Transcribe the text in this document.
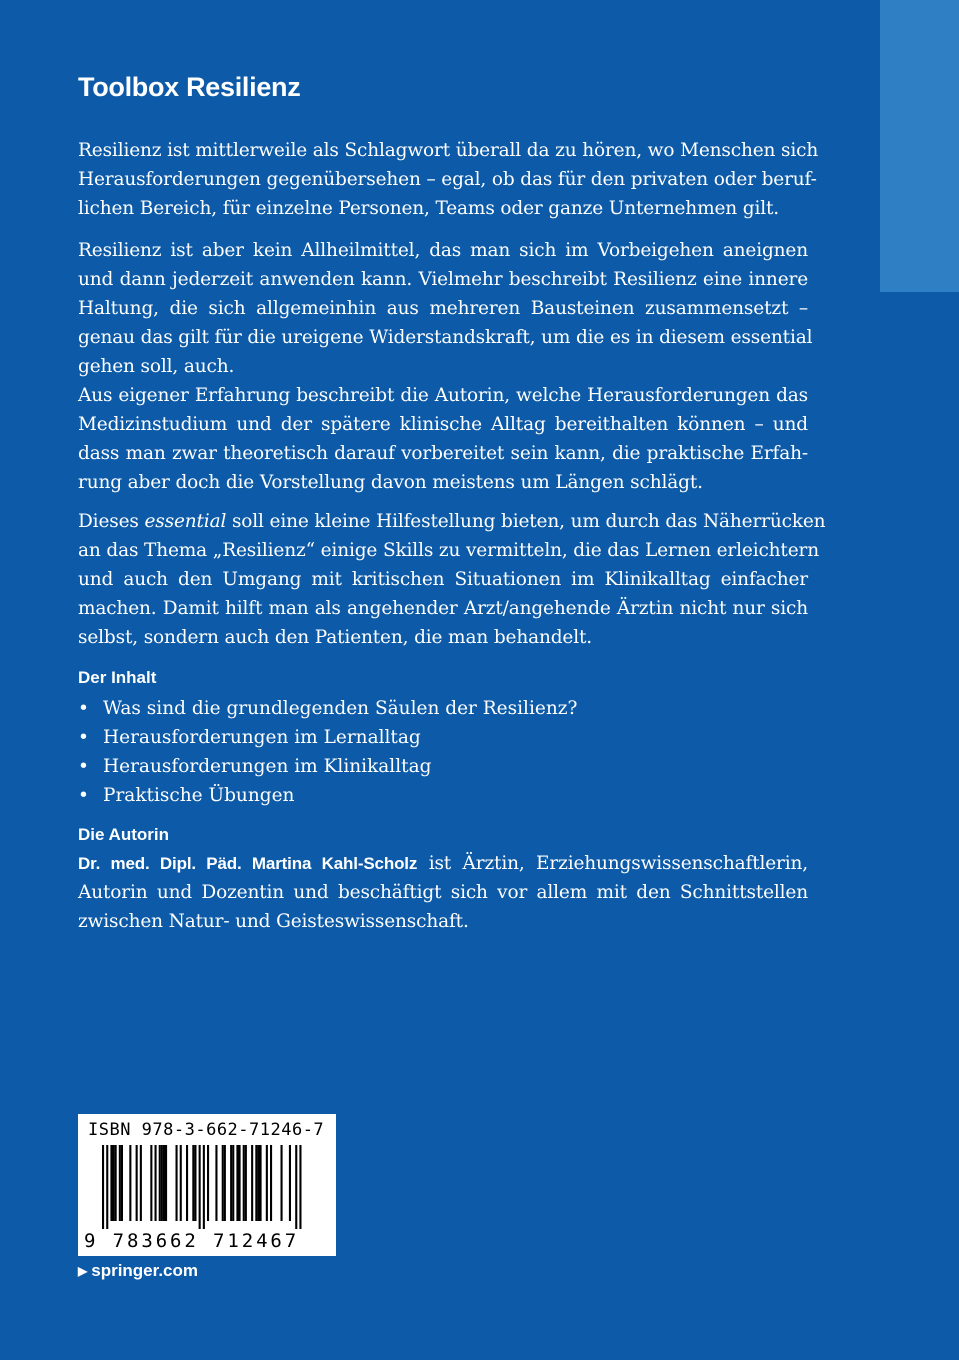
Toolbox Resilienz
Resilienz ist mittlerweile als Schlagwort überall da zu hören, wo Menschen sich
Herausforderungen gegenübersehen – egal, ob das für den privaten oder beruf-
lichen Bereich, für einzelne Personen, Teams oder ganze Unternehmen gilt.
Resilienz ist aber kein Allheilmittel, das man sich im Vorbeigehen aneignen
und dann jederzeit anwenden kann. Vielmehr beschreibt Resilienz eine innere
Haltung, die sich allgemeinhin aus mehreren Bausteinen zusammensetzt –
genau das gilt für die ureigene Widerstandskraft, um die es in diesem essential
gehen soll, auch.
Aus eigener Erfahrung beschreibt die Autorin, welche Herausforderungen das
Medizinstudium und der spätere klinische Alltag bereithalten können – und
dass man zwar theoretisch darauf vorbereitet sein kann, die praktische Erfah-
rung aber doch die Vorstellung davon meistens um Längen schlägt.
Dieses essential soll eine kleine Hilfestellung bieten, um durch das Näherrücken
an das Thema „Resilienz“ einige Skills zu vermitteln, die das Lernen erleichtern
und auch den Umgang mit kritischen Situationen im Klinikalltag einfacher
machen. Damit hilft man als angehender Arzt/angehende Ärztin nicht nur sich
selbst, sondern auch den Patienten, die man behandelt.
Der Inhalt
• Was sind die grundlegenden Säulen der Resilienz?
• Herausforderungen im Lernalltag
• Herausforderungen im Klinikalltag
• Praktische Übungen
Die Autorin
Dr. med. Dipl. Päd. Martina Kahl-Scholz ist Ärztin, Erziehungswissenschaftlerin,
Autorin und Dozentin und beschäftigt sich vor allem mit den Schnittstellen
zwischen Natur- und Geisteswissenschaft.
ISBN 978-3-662-71246-7
9 783662 712467
▶ springer.com
